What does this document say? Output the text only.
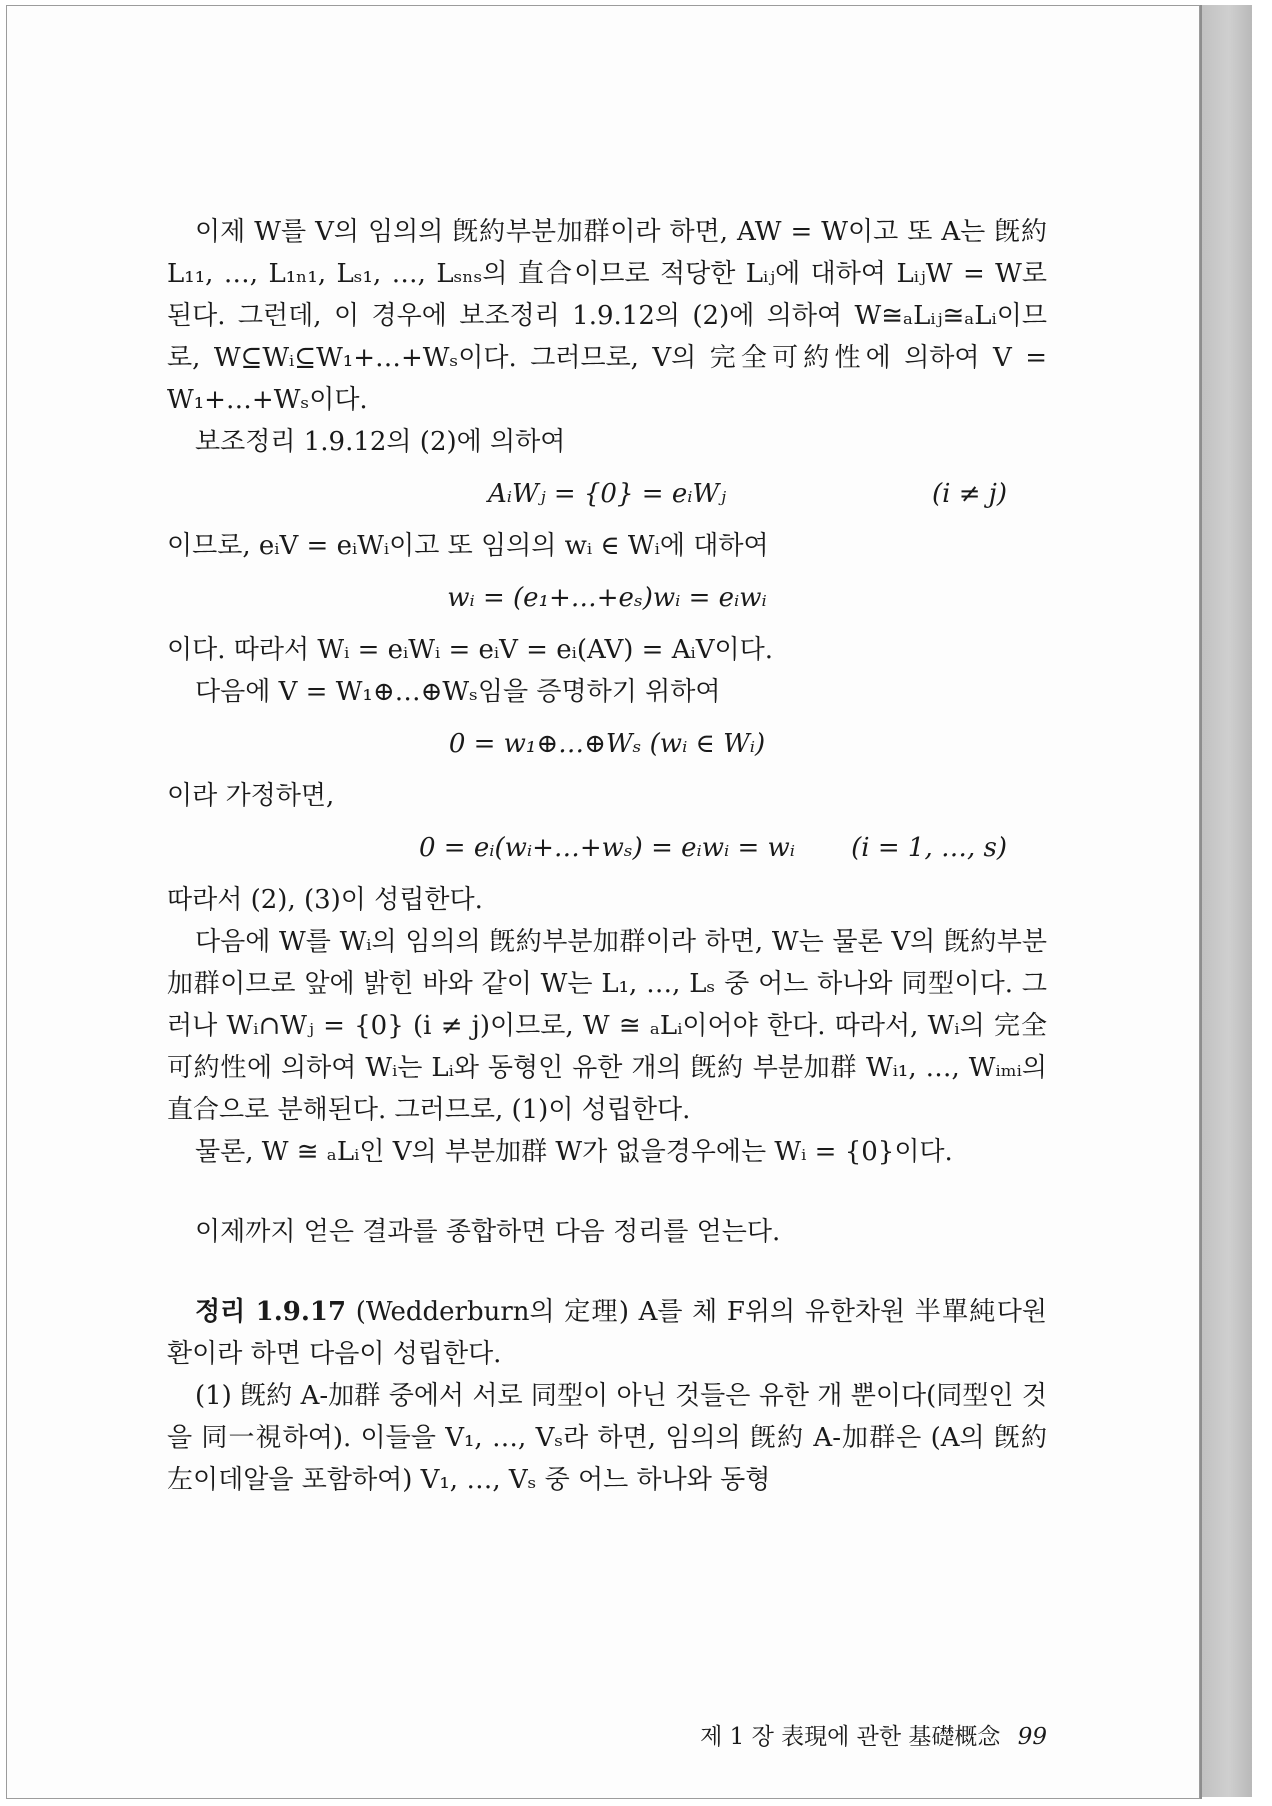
이제 W를 V의 임의의 旣約부분加群이라 하면, AW = W이고 또 A는 旣約 L₁₁, …, L₁ₙ₁, Lₛ₁, …, Lₛₙₛ의 直合이므로 적당한 Lᵢⱼ에 대하여 LᵢⱼW = W로 된다. 그런데, 이 경우에 보조정리 1.9.12의 (2)에 의하여 W≅ₐLᵢⱼ≅ₐLᵢ이므로, W⊆Wᵢ⊆W₁+…+Wₛ이다. 그러므로, V의 完全可約性에 의하여 V = W₁+…+Wₛ이다.

보조정리 1.9.12의 (2)에 의하여

AᵢWⱼ = {0} = eᵢWⱼ	(i ≠ j)

이므로, eᵢV = eᵢWᵢ이고 또 임의의 wᵢ ∈ Wᵢ에 대하여

wᵢ = (e₁+…+eₛ)wᵢ = eᵢwᵢ

이다. 따라서 Wᵢ = eᵢWᵢ = eᵢV = eᵢ(AV) = AᵢV이다.

다음에 V = W₁⊕…⊕Wₛ임을 증명하기 위하여

0 = w₁⊕…⊕Wₛ (wᵢ ∈ Wᵢ)

이라 가정하면,

0 = eᵢ(wᵢ+…+wₛ) = eᵢwᵢ = wᵢ	(i = 1, …, s)

따라서 (2), (3)이 성립한다.

다음에 W를 Wᵢ의 임의의 旣約부분加群이라 하면, W는 물론 V의 旣約부분加群이므로 앞에 밝힌 바와 같이 W는 L₁, …, Lₛ 중 어느 하나와 同型이다. 그러나 Wᵢ∩Wⱼ = {0} (i ≠ j)이므로, W ≅ ₐLᵢ이어야 한다. 따라서, Wᵢ의 完全可約性에 의하여 Wᵢ는 Lᵢ와 동형인 유한 개의 旣約 부분加群 Wᵢ₁, …, Wᵢₘᵢ의 直合으로 분해된다. 그러므로, (1)이 성립한다.

물론, W ≅ ₐLᵢ인 V의 부분加群 W가 없을경우에는 Wᵢ = {0}이다.

이제까지 얻은 결과를 종합하면 다음 정리를 얻는다.

정리 1.9.17 (Wedderburn의 定理) A를 체 F위의 유한차원 半單純다원환이라 하면 다음이 성립한다.

(1) 旣約 A-加群 중에서 서로 同型이 아닌 것들은 유한 개 뿐이다(同型인 것을 同一視하여). 이들을 V₁, …, Vₛ라 하면, 임의의 旣約 A-加群은 (A의 旣約 左이데알을 포함하여) V₁, …, Vₛ 중 어느 하나와 동형

제 1 장 表現에 관한 基礎概念 99
